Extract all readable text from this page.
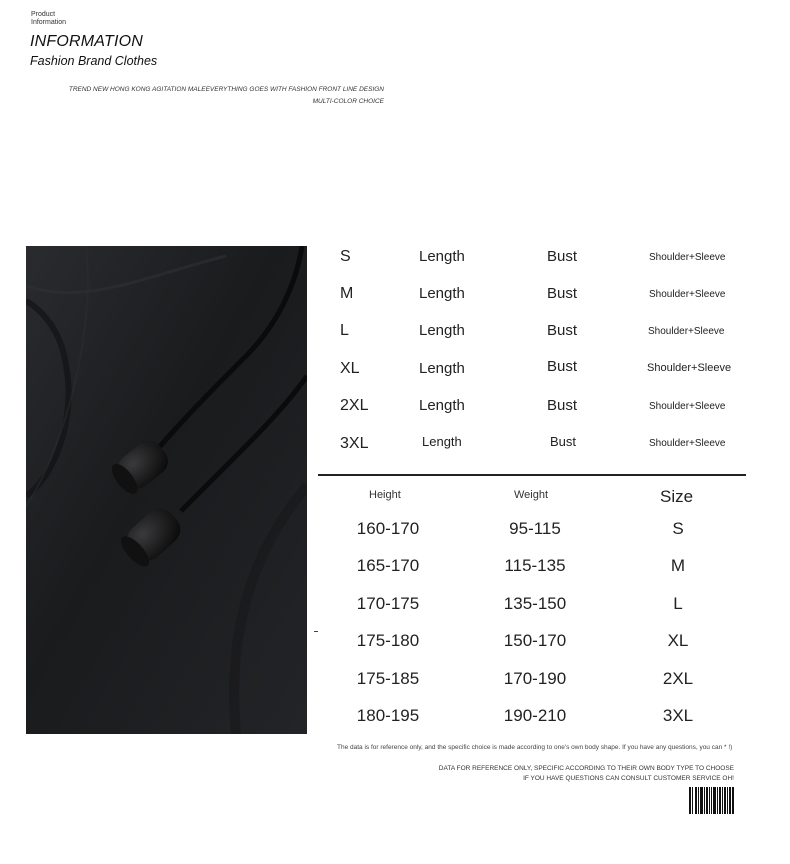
Product
Information
INFORMATION
Fashion Brand Clothes
TREND NEW HONG KONG AGITATION MALEEVERYTHING GOES WITH FASHION FRONT LINE DESIGN
MULTI-COLOR CHOICE
S	Length	Bust	Shoulder+Sleeve
M	Length	Bust	Shoulder+Sleeve
L	Length	Bust	Shoulder+Sleeve
XL	Length	Bust	Shoulder+Sleeve
2XL	Length	Bust	Shoulder+Sleeve
3XL	Length	Bust	Shoulder+Sleeve
Height	Weight	Size
160-170	95-115	S
165-170	115-135	M
170-175	135-150	L
175-180	150-170	XL
175-185	170-190	2XL
180-195	190-210	3XL
The data is for reference only, and the specific choice is made according to one's own body shape. If you have any questions, you can * !)
DATA FOR REFERENCE ONLY, SPECIFIC ACCORDING TO THEIR OWN BODY TYPE TO CHOOSE
IF YOU HAVE QUESTIONS CAN CONSULT CUSTOMER SERVICE OH!
